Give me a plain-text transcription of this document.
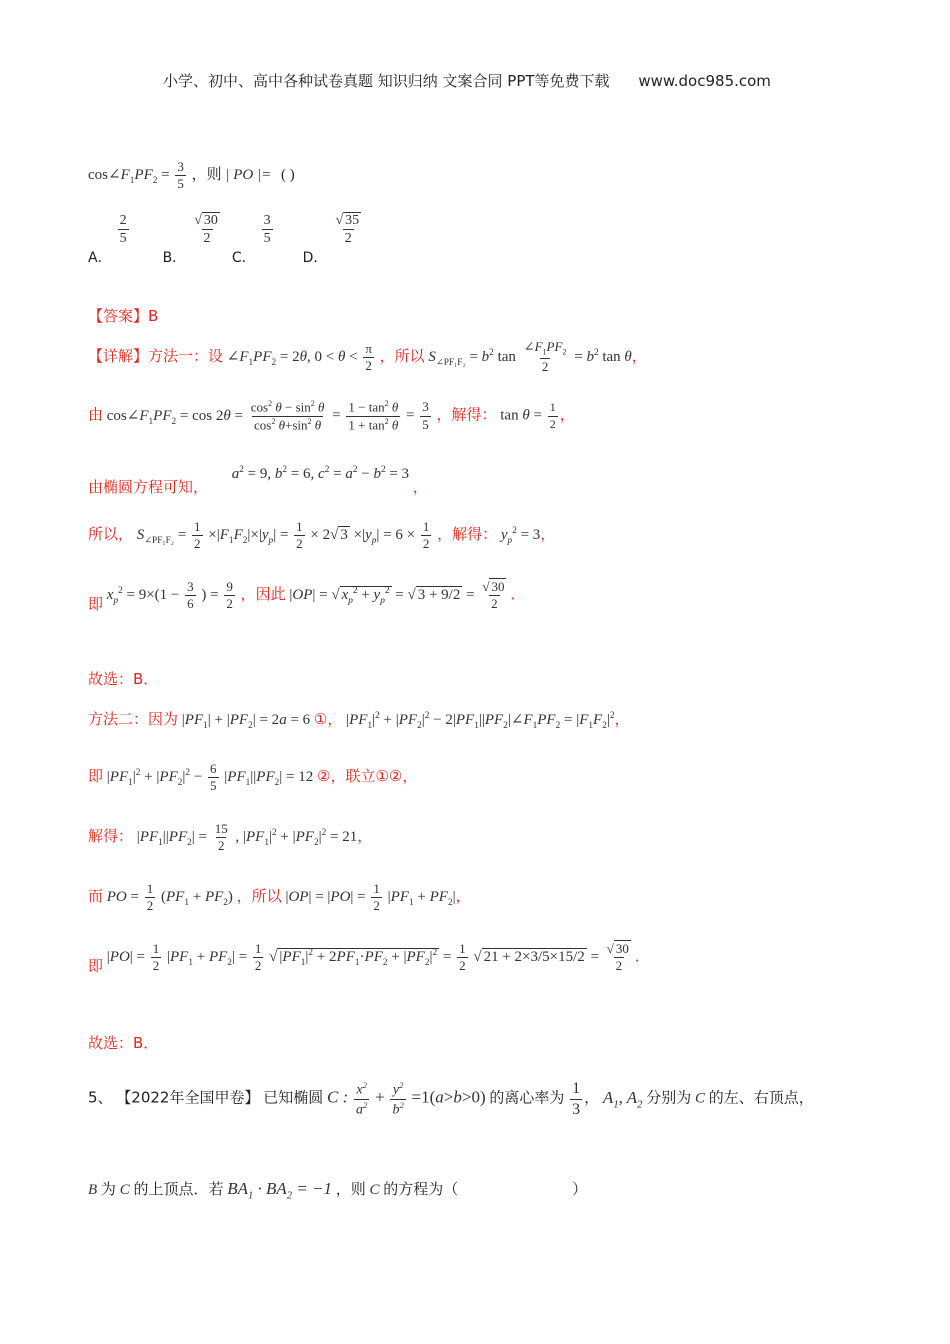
小学、初中、高中各种试卷真题 知识归纳 文案合同 PPT等免费下载 www.doc985.com
$\cos\angle F_1PF_2 = \frac{3}{5}$ ，则 | PO |= ( )
A．
$\frac{2}{5}$
B．
$\frac{√ 30}{2}$
C．
$\frac{3}{5}$
D．
$\frac{√ 35}{2}$
【答案】B
【详解】方法一：设 $\angle F_1PF_2 = 2\theta$, $0 < \theta < \frac{\pi}{2}$ ，所以 $S_{\angle PF_1F_2} = b^2$ $\tan \frac{\angle F_1PF_2}{2} = b^2$ tan θ，
由 $\cos\angle F_1PF_2 = \cos 2\theta = \frac{\cos^2 \theta - \sin^2 \theta}{\cos^2 \theta+\sin^2 \theta} = \frac{1 - \tan^2 \theta}{1 + \tan^2 \theta} = \frac{3}{5}$ ，解得： $\tan \theta = \frac{1}{2}$ ，
由椭圆方程可知， $a^2 = 9$, $b^2 = 6$, $c^2 = a^2 - b^2 = 3$ ，
所以， $S_{\angle PF_1F_2} = \frac{1}{2} \times|F_1F_2|\times|y_p| = \frac{1}{2} \times 2√$ $3 \times|y_p| = 6 \times \frac{1}{2}$ ，解得： $y_p^2 = 3$，
即 $x_p^2 = 9\times(1 - \frac{3}{6}$ ) = $\frac{9}{2}$ ，因此 |OP| = √ $x_p^2 + y_p^2$ = √ $3 + 9/2 = \frac{√ 30}{2}$ ．
故选：B．
方法二：因为 $|PF_1| + |PF_2| = 2a = 6$ ①， $|PF_1|^2 + |PF_2|^2$ − $2|PF_1||PF_2|\angle F_1PF_2 = |F_1F_2|^2$，
即 $|PF_1|^2 + |PF_2|^2 - \frac{6}{5} |PF_1||PF_2| = 12$ ②，联立①②，
解得： $|PF_1||PF_2| = \frac{15}{2}$ , $|PF_1|^2 + |PF_2|^2 = 21$，
而 PO = $\frac{1}{2} (PF_1 + PF_2)$ ，所以 $|OP| = |PO| = \frac{1}{2} |PF_1 + PF_2|$，
即 $|PO| = \frac{1}{2} |PF_1 + PF_2| = \frac{1}{2}$ √ $|PF_1|^2 + 2PF_1\cdot PF_2 + |PF_2|^2 = \frac{1}{2}$ √ $21 + 2\times 3/5\times 15/2 = \frac{√ 30}{2}$ ．
故选：B．
5、 【2022年全国甲卷】 已知椭圆 C : $\frac{x^2}{a^2} + \frac{y^2}{b^2} =1(a>b>0)$ 的离心率为 $\frac{1}{3}$ ， $A_1$, $A_2$ 分别为 C 的左、右顶点，
B 为 C 的上顶点．若 $BA_1 \cdot BA_2 = -1$ ，则 C 的方程为（	）
